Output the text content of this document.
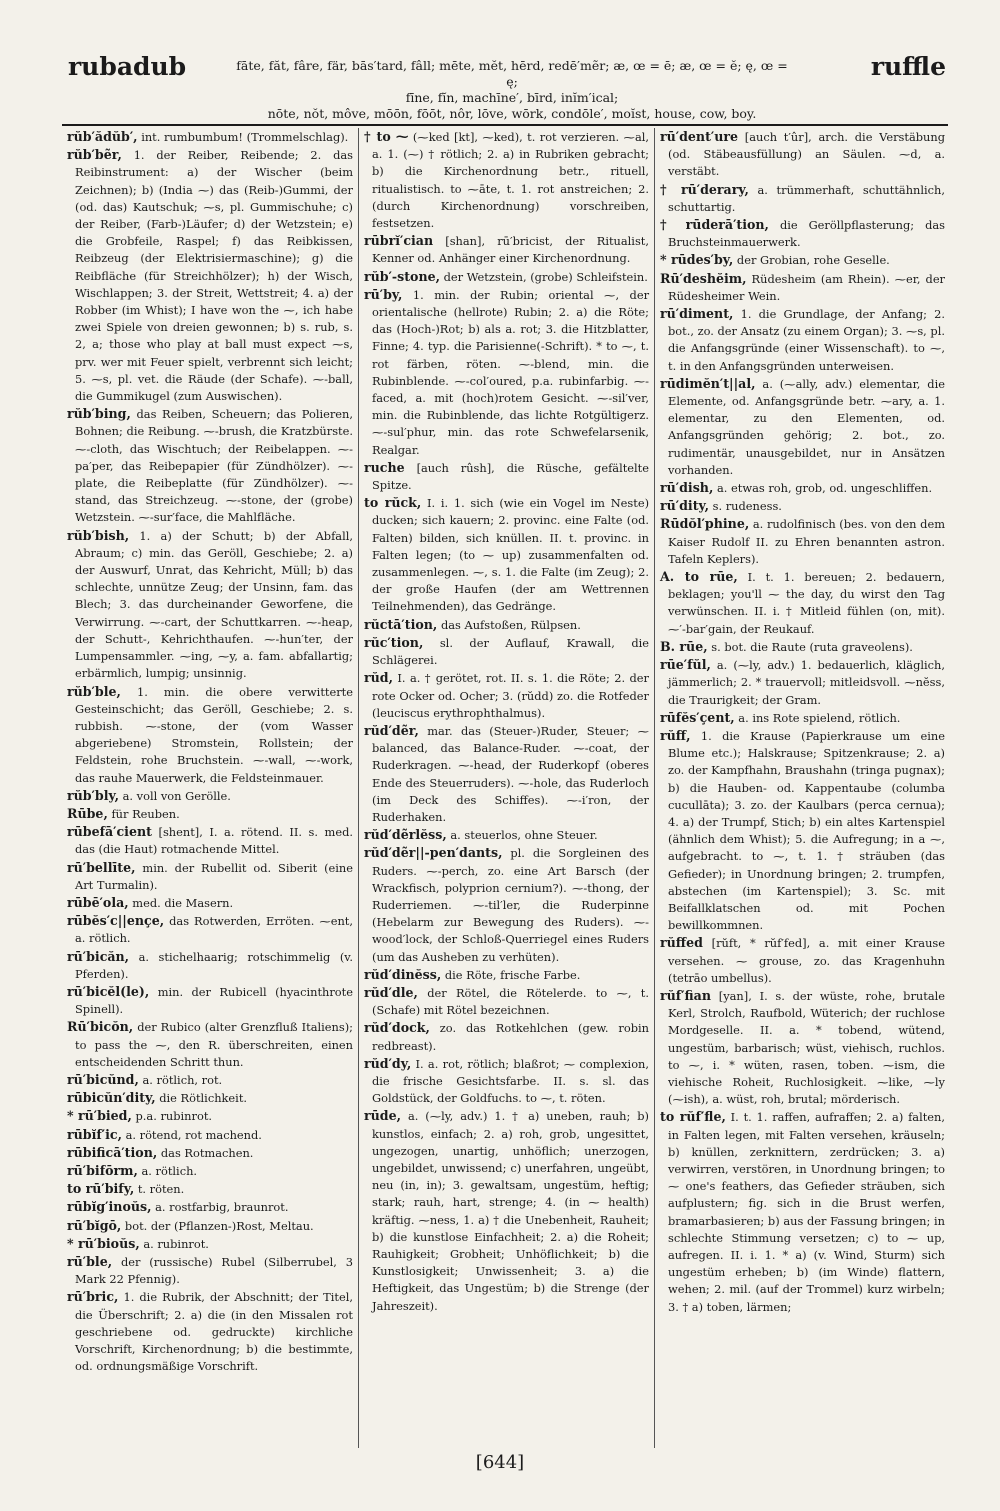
rubadub	fāte, făt, fâre, fär, bās′tard, fâll; mēte, mĕt, hērd, redē′mẽr; æ, œ = ē; æ, œ = ĕ; ę, œ = ę;
fīne, fĭn, machīne′, bīrd, inĭm′ical;
nōte, nŏt, môve, mōōn, fōōt, nôr, lōve, wōrk, condōle′, moĭst, house, cow, boy.
ruffle

rŭb′ădŭb′, int. rumbumbum! (Trommelschlag).

rŭb′bẽr, 1. der Reiber, Reibende; 2. das Reibinstrument: a) der Wischer (beim Zeichnen); b) (India ⁓) das (Reib-)Gummi, der (od. das) Kautschuk; ⁓s, pl. Gummischuhe; c) der Reiber, (Farb-)Läufer; d) der Wetzstein; e) die Grobfeile, Raspel; f) das Reibkissen, Reibzeug (der Elektrisiermaschine); g) die Reibfläche (für Streichhölzer); h) der Wisch, Wischlappen; 3. der Streit, Wettstreit; 4. a) der Robber (im Whist); I have won the ⁓, ich habe zwei Spiele von dreien gewonnen; b) s. rub, s. 2, a; those who play at ball must expect ⁓s, prv. wer mit Feuer spielt, verbrennt sich leicht; 5. ⁓s, pl. vet. die Räude (der Schafe). ⁓-ball, die Gummikugel (zum Auswischen).

rŭb′bing, das Reiben, Scheuern; das Polieren, Bohnen; die Reibung. ⁓-brush, die Kratzbürste. ⁓-cloth, das Wischtuch; der Reibelappen. ⁓-pa′per, das Reibepapier (für Zündhölzer). ⁓-plate, die Reibeplatte (für Zündhölzer). ⁓-stand, das Streichzeug. ⁓-stone, der (grobe) Wetzstein. ⁓-sur′face, die Mahlfläche.

rŭb′bish, 1. a) der Schutt; b) der Abfall, Abraum; c) min. das Geröll, Geschiebe; 2. a) der Auswurf, Unrat, das Kehricht, Müll; b) das schlechte, unnütze Zeug; der Unsinn, fam. das Blech; 3. das durcheinander Geworfene, die Verwirrung. ⁓-cart, der Schuttkarren. ⁓-heap, der Schutt-, Kehrichthaufen. ⁓-hun′ter, der Lumpensammler. ⁓ing, ⁓y, a. fam. abfallartig; erbärmlich, lumpig; unsinnig.

rŭb′ble, 1. min. die obere verwitterte Gesteinschicht; das Geröll, Geschiebe; 2. s. rubbish. ⁓-stone, der (vom Wasser abgeriebene) Stromstein, Rollstein; der Feldstein, rohe Bruchstein. ⁓-wall, ⁓-work, das rauhe Mauerwerk, die Feldsteinmauer.

rŭb′bly, a. voll von Gerölle.

Rūbe, für Reuben.

rūbefā′cient [shent], I. a. rötend. II. s. med. das (die Haut) rotmachende Mittel.

rū′bellīte, min. der Rubellit od. Siberit (eine Art Turmalin).

rūbē′ola, med. die Masern.

rūbĕs′c||ençe, das Rotwerden, Erröten. ⁓ent, a. rötlich.

rū′bicăn, a. stichelhaarig; rotschimmelig (v. Pferden).

rū′bicĕl(le), min. der Rubicell (hyacinthrote Spinell).

Rū′bicŏn, der Rubico (alter Grenzfluß Italiens); to pass the ⁓, den R. überschreiten, einen entscheidenden Schritt thun.

rū′bicŭnd, a. rötlich, rot.

rūbicŭn′dity, die Rötlichkeit.

* rū′bied, p.a. rubinrot.

rūbĭf′ic, a. rötend, rot machend.

rūbificā′tion, das Rotmachen.

rū′bifōrm, a. rötlich.

to rū′bify, t. röten.

rūbĭg′inoŭs, a. rostfarbig, braunrot.

rū′bĭgō, bot. der (Pflanzen-)Rost, Meltau.

* rū′bioŭs, a. rubinrot.

rū′ble, der (russische) Rubel (Silberrubel, 3 Mark 22 Pfennig).

rū′bric, 1. die Rubrik, der Abschnitt; der Titel, die Überschrift; 2. a) die (in den Missalen rot geschriebene od. gedruckte) kirchliche Vorschrift, Kirchenordnung; b) die bestimmte, od. ordnungsmäßige Vorschrift.

† to ⁓ (⁓ked [kt], ⁓ked), t. rot verzieren. ⁓al, a. 1. (⁓) † rötlich; 2. a) in Rubriken gebracht; b) die Kirchenordnung betr., rituell, ritualistisch. to ⁓āte, t. 1. rot anstreichen; 2. (durch Kirchenordnung) vorschreiben, festsetzen.

rūbrĭ′cian [shan], rū′bricist, der Ritualist, Kenner od. Anhänger einer Kirchenordnung.

rŭb′-stone, der Wetzstein, (grobe) Schleifstein.

rū′by, 1. min. der Rubin; oriental ⁓, der orientalische (hellrote) Rubin; 2. a) die Röte; das (Hoch-)Rot; b) als a. rot; 3. die Hitzblatter, Finne; 4. typ. die Parisienne(-Schrift). * to ⁓, t. rot färben, röten. ⁓-blend, min. die Rubinblende. ⁓-col′oured, p.a. rubinfarbig. ⁓-faced, a. mit (hoch)rotem Gesicht. ⁓-sil′ver, min. die Rubinblende, das lichte Rotgültigerz. ⁓-sul′phur, min. das rote Schwefelarsenik, Realgar.

ruche [auch rûsh], die Rüsche, gefältelte Spitze.

to rŭck, I. i. 1. sich (wie ein Vogel im Neste) ducken; sich kauern; 2. provinc. eine Falte (od. Falten) bilden, sich knüllen. II. t. provinc. in Falten legen; (to ⁓ up) zusammenfalten od. zusammenlegen. ⁓, s. 1. die Falte (im Zeug); 2. der große Haufen (der am Wettrennen Teilnehmenden), das Gedränge.

rŭctā′tion, das Aufstoßen, Rülpsen.

rŭc′tion, sl. der Auflauf, Krawall, die Schlägerei.

rŭd, I. a. † gerötet, rot. II. s. 1. die Röte; 2. der rote Ocker od. Ocher; 3. (rŭdd) zo. die Rotfeder (leuciscus erythrophthalmus).

rŭd′dẽr, mar. das (Steuer-)Ruder, Steuer; ⁓ balanced, das Balance-Ruder. ⁓-coat, der Ruderkragen. ⁓-head, der Ruderkopf (oberes Ende des Steuerruders). ⁓-hole, das Ruderloch (im Deck des Schiffes). ⁓-i′ron, der Ruderhaken.

rŭd′dẽrlĕss, a. steuerlos, ohne Steuer.

rŭd′dẽr||-pen′dants, pl. die Sorgleinen des Ruders. ⁓-perch, zo. eine Art Barsch (der Wrackfisch, polyprion cernium?). ⁓-thong, der Ruderriemen. ⁓-til′ler, die Ruderpinne (Hebelarm zur Bewegung des Ruders). ⁓-wood′lock, der Schloß-Querriegel eines Ruders (um das Ausheben zu verhüten).

rŭd′dinĕss, die Röte, frische Farbe.

rŭd′dle, der Rötel, die Rötelerde. to ⁓, t. (Schafe) mit Rötel bezeichnen.

rŭd′dock, zo. das Rotkehlchen (gew. robin redbreast).

rŭd′dy, I. a. rot, rötlich; blaßrot; ⁓ complexion, die frische Gesichtsfarbe. II. s. sl. das Goldstück, der Goldfuchs. to ⁓, t. röten.

rūde, a. (⁓ly, adv.) 1. † a) uneben, rauh; b) kunstlos, einfach; 2. a) roh, grob, ungesittet, ungezogen, unartig, unhöflich; unerzogen, ungebildet, unwissend; c) unerfahren, ungeübt, neu (in, in); 3. gewaltsam, ungestüm, heftig; stark; rauh, hart, strenge; 4. (in ⁓ health) kräftig. ⁓ness, 1. a) † die Unebenheit, Rauheit; b) die kunstlose Einfachheit; 2. a) die Roheit; Rauhigkeit; Grobheit; Unhöflichkeit; b) die Kunstlosigkeit; Unwissenheit; 3. a) die Heftigkeit, das Ungestüm; b) die Strenge (der Jahreszeit).

rū′dent′ure [auch t′ûr], arch. die Verstäbung (od. Stäbeausfüllung) an Säulen. ⁓d, a. verstäbt.

† rū′derary, a. trümmerhaft, schuttähnlich, schuttartig.

† rūderā′tion, die Geröllpflasterung; das Bruchsteinmauerwerk.

* rūdes′by, der Grobian, rohe Geselle.

Rū′deshĕim, Rüdesheim (am Rhein). ⁓er, der Rüdesheimer Wein.

rū′diment, 1. die Grundlage, der Anfang; 2. bot., zo. der Ansatz (zu einem Organ); 3. ⁓s, pl. die Anfangsgründe (einer Wissenschaft). to ⁓, t. in den Anfangsgründen unterweisen.

rūdimĕn′t||al, a. (⁓ally, adv.) elementar, die Elemente, od. Anfangsgründe betr. ⁓ary, a. 1. elementar, zu den Elementen, od. Anfangsgründen gehörig; 2. bot., zo. rudimentär, unausgebildet, nur in Ansätzen vorhanden.

rū′dish, a. etwas roh, grob, od. ungeschliffen.

rū′dity, s. rudeness.

Rūdŏl′phine, a. rudolfinisch (bes. von den dem Kaiser Rudolf II. zu Ehren benannten astron. Tafeln Keplers).

A. to rūe, I. t. 1. bereuen; 2. bedauern, beklagen; you'll ⁓ the day, du wirst den Tag verwünschen. II. i. † Mitleid fühlen (on, mit). ⁓′-bar′gain, der Reukauf.

B. rūe, s. bot. die Raute (ruta graveolens).

rūe′fŭl, a. (⁓ly, adv.) 1. bedauerlich, kläglich, jämmerlich; 2. * trauervoll; mitleidsvoll. ⁓nĕss, die Traurigkeit; der Gram.

rūfĕs′çent, a. ins Rote spielend, rötlich.

rŭff, 1. die Krause (Papierkrause um eine Blume etc.); Halskrause; Spitzenkrause; 2. a) zo. der Kampfhahn, Braushahn (tringa pugnax); b) die Hauben- od. Kappentaube (columba cucullāta); 3. zo. der Kaulbars (perca cernua); 4. a) der Trumpf, Stich; b) ein altes Kartenspiel (ähnlich dem Whist); 5. die Aufregung; in a ⁓, aufgebracht. to ⁓, t. 1. † sträuben (das Gefieder); in Unordnung bringen; 2. trumpfen, abstechen (im Kartenspiel); 3. Sc. mit Beifallklatschen od. mit Pochen bewillkommnen.

rŭffed [rŭft, * rŭf′fed], a. mit einer Krause versehen. ⁓ grouse, zo. das Kragenhuhn (tetrāo umbellus).

rŭf′fian [yan], I. s. der wüste, rohe, brutale Kerl, Strolch, Raufbold, Wüterich; der ruchlose Mordgeselle. II. a. * tobend, wütend, ungestüm, barbarisch; wüst, viehisch, ruchlos. to ⁓, i. * wüten, rasen, toben. ⁓ism, die viehische Roheit, Ruchlosigkeit. ⁓like, ⁓ly (⁓ish), a. wüst, roh, brutal; mörderisch.

to rŭf′fle, I. t. 1. raffen, aufraffen; 2. a) falten, in Falten legen, mit Falten versehen, kräuseln; b) knüllen, zerknittern, zerdrücken; 3. a) verwirren, verstören, in Unordnung bringen; to ⁓ one's feathers, das Gefieder sträuben, sich aufplustern; fig. sich in die Brust werfen, bramarbasieren; b) aus der Fassung bringen; in schlechte Stimmung versetzen; c) to ⁓ up, aufregen. II. i. 1. * a) (v. Wind, Sturm) sich ungestüm erheben; b) (im Winde) flattern, wehen; 2. mil. (auf der Trommel) kurz wirbeln; 3. † a) toben, lärmen;

[644]
